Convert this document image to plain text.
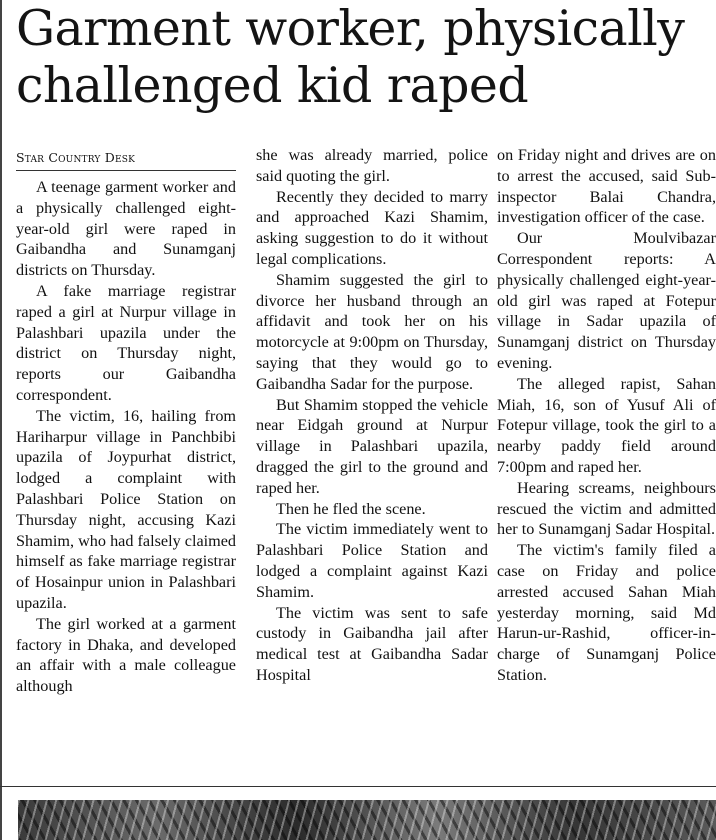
Garment worker, physically
challenged kid raped
Star Country Desk

A teenage garment worker and a physically challenged eight-year-old girl were raped in Gaibandha and Sunamganj districts on Thursday.

A fake marriage registrar raped a girl at Nurpur village in Palashbari upazila under the district on Thursday night, reports our Gaibandha correspondent.

The victim, 16, hailing from Hariharpur village in Panchbibi upazila of Joypurhat district, lodged a complaint with Palashbari Police Station on Thursday night, accusing Kazi Shamim, who had falsely claimed himself as fake marriage registrar of Hosainpur union in Palashbari upazila.

The girl worked at a garment factory in Dhaka, and developed an affair with a male colleague although

she was already married, police said quoting the girl.

Recently they decided to marry and approached Kazi Shamim, asking suggestion to do it without legal complications.

Shamim suggested the girl to divorce her husband through an affidavit and took her on his motorcycle at 9:00pm on Thursday, saying that they would go to Gaibandha Sadar for the purpose.

But Shamim stopped the vehicle near Eidgah ground at Nurpur village in Palashbari upazila, dragged the girl to the ground and raped her.

Then he fled the scene.

The victim immediately went to Palashbari Police Station and lodged a complaint against Kazi Shamim.

The victim was sent to safe custody in Gaibandha jail after medical test at Gaibandha Sadar Hospital

on Friday night and drives are on to arrest the accused, said Sub-inspector Balai Chandra, investigation officer of the case.

Our Moulvibazar Correspondent reports: A physically challenged eight-year-old girl was raped at Fotepur village in Sadar upazila of Sunamganj district on Thursday evening.

The alleged rapist, Sahan Miah, 16, son of Yusuf Ali of Fotepur village, took the girl to a nearby paddy field around 7:00pm and raped her.

Hearing screams, neighbours rescued the victim and admitted her to Sunamganj Sadar Hospital.

The victim's family filed a case on Friday and police arrested accused Sahan Miah yesterday morning, said Md Harun-ur-Rashid, officer-in-charge of Sunamganj Police Station.
